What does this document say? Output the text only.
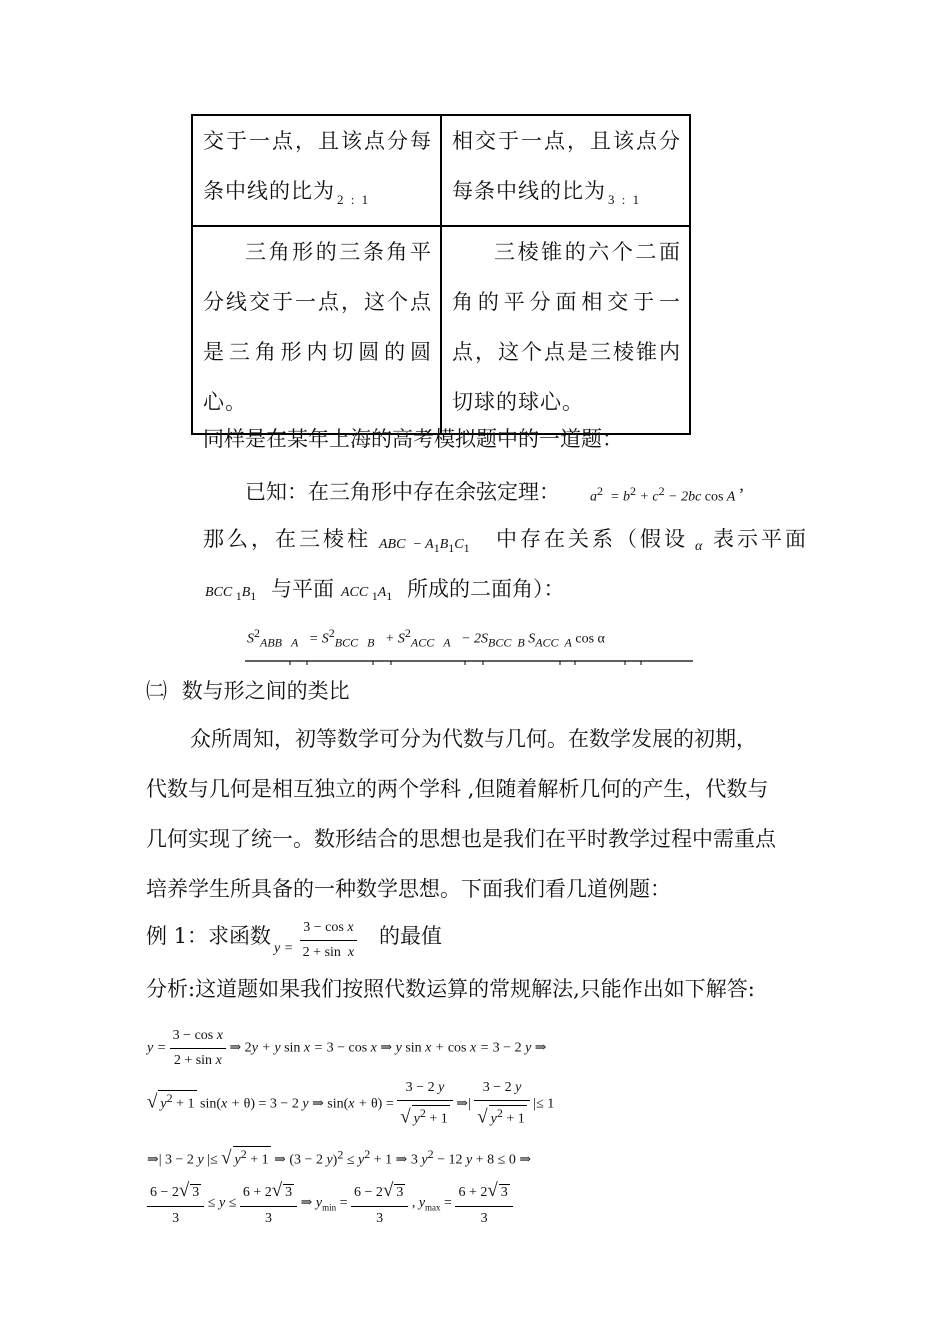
交于一点，且该点分每条中线的比为 $_{2 : 1}$	相交于一点，且该点分每条中线的比为 $_{3 : 1}$
三角形的三条角平分线交于一点，这个点是三角形内切圆的圆心。	三棱锥的六个二面角的平分面相交于一点，这个点是三棱锥内切球的球心。
同样是在某年上海的高考模拟题中的一道题：
已知：在三角形中存在余弦定理： $a^2 = b^2 + c^2 - 2bc$ cos A ’
那么，在三棱柱 ABC  − $A_1B_1C_1$ 中存在关系（假设 α 表示平面
BCC $_1B_1$ 与平面 ACC $_1A_1$ 所成的二面角）：
$S^2_{ABB A} = S^2_{BCC B} + S^2_{ACC A} - 2S_{BCC B}$ $S_{ACC A}$ cos α
㈡ 数与形之间的类比
众所周知，初等数学可分为代数与几何。在数学发展的初期，
代数与几何是相互独立的两个学科 ,但随着解析几何的产生，代数与
几何实现了统一。数形结合的思想也是我们在平时教学过程中需重点
培养学生所具备的一种数学思想。下面我们看几道例题：
例 1：求函数
$y = \frac{\text{3 − cos x}}{\text{2 + sin  x}}$ 的最值
分析:这道题如果我们按照代数运算的常规解法,只能作出如下解答:
$y = \frac{\text{3 − cos x}}{\text{2 + sin x}}$ ⇒ 2y + y sin x = 3 − cos x ⇒ y sin x + cos x = 3 − 2 y ⇒
√ $y^2 + 1$ sin(x + θ) = 3 − 2 y ⇒ $\sin(x + \theta) = \frac{3 - 2 y}{√ y^2 + 1}$ ⇒| $\frac{3 - 2 y}{√ y^2 + 1}$ |≤ 1
⇒| 3 − 2 y |≤ √ $y^2 + 1$ ⇒ (3 − 2 $y)^2 \le y^2 + 1$ ⇒ 3 $y^2 - 12$ y + 8 ≤ 0 ⇒
$\frac{6 - 2√ 3}{3} \le y \le \frac{6 + 2√ 3}{3}$ ⇒ $y_{min} = \frac{6 - 2√ 3}{3}$ , $y_{max} = \frac{6 + 2√ 3}{3}$
